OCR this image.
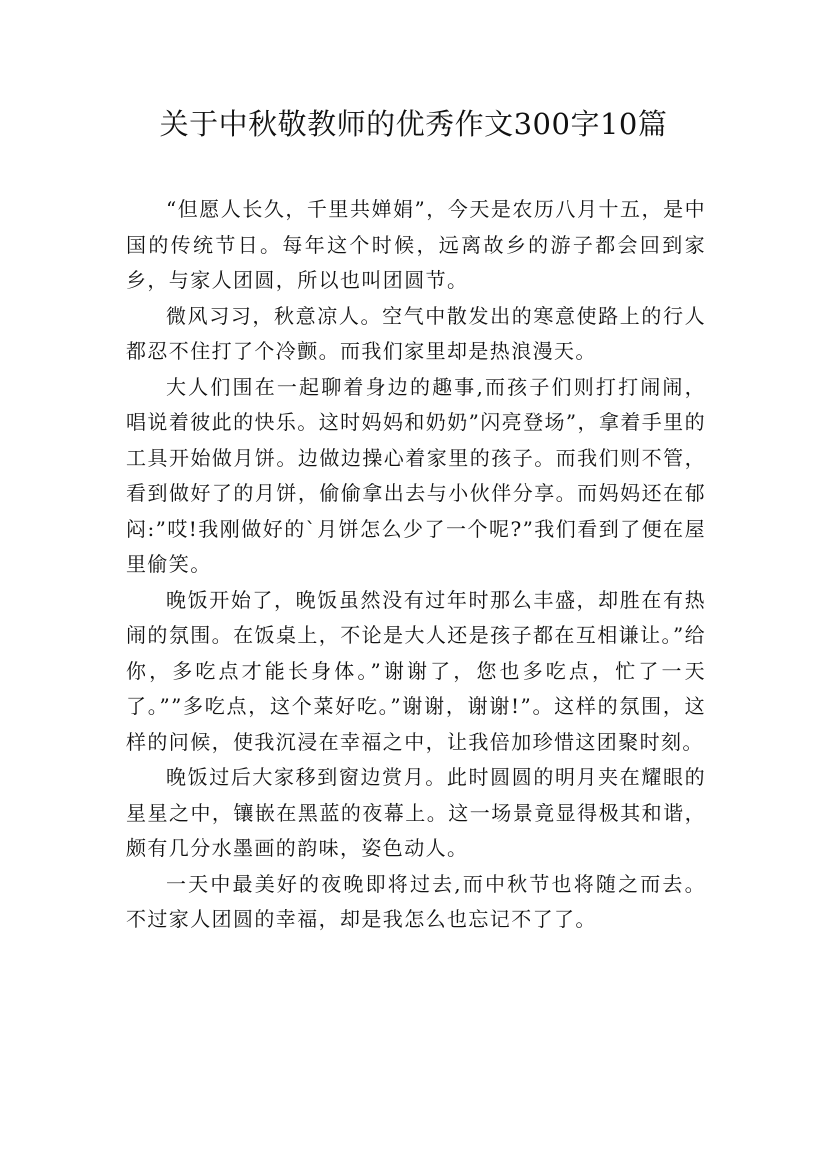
关于中秋敬教师的优秀作文300字10篇

“但愿人长久，千里共婵娟”，今天是农历八月十五，是中国的传统节日。每年这个时候，远离故乡的游子都会回到家乡，与家人团圆，所以也叫团圆节。

微风习习，秋意凉人。空气中散发出的寒意使路上的行人都忍不住打了个冷颤。而我们家里却是热浪漫天。

大人们围在一起聊着身边的趣事,而孩子们则打打闹闹，唱说着彼此的快乐。这时妈妈和奶奶”闪亮登场”，拿着手里的工具开始做月饼。边做边操心着家里的孩子。而我们则不管，看到做好了的月饼，偷偷拿出去与小伙伴分享。而妈妈还在郁闷:”哎!我刚做好的`月饼怎么少了一个呢?”我们看到了便在屋里偷笑。

晚饭开始了，晚饭虽然没有过年时那么丰盛，却胜在有热闹的氛围。在饭桌上，不论是大人还是孩子都在互相谦让。”给你，多吃点才能长身体。”谢谢了，您也多吃点，忙了一天了。””多吃点，这个菜好吃。”谢谢，谢谢!”。这样的氛围，这样的问候，使我沉浸在幸福之中，让我倍加珍惜这团聚时刻。

晚饭过后大家移到窗边赏月。此时圆圆的明月夹在耀眼的星星之中，镶嵌在黑蓝的夜幕上。这一场景竟显得极其和谐，颇有几分水墨画的韵味，姿色动人。

一天中最美好的夜晚即将过去,而中秋节也将随之而去。不过家人团圆的幸福，却是我怎么也忘记不了了。
